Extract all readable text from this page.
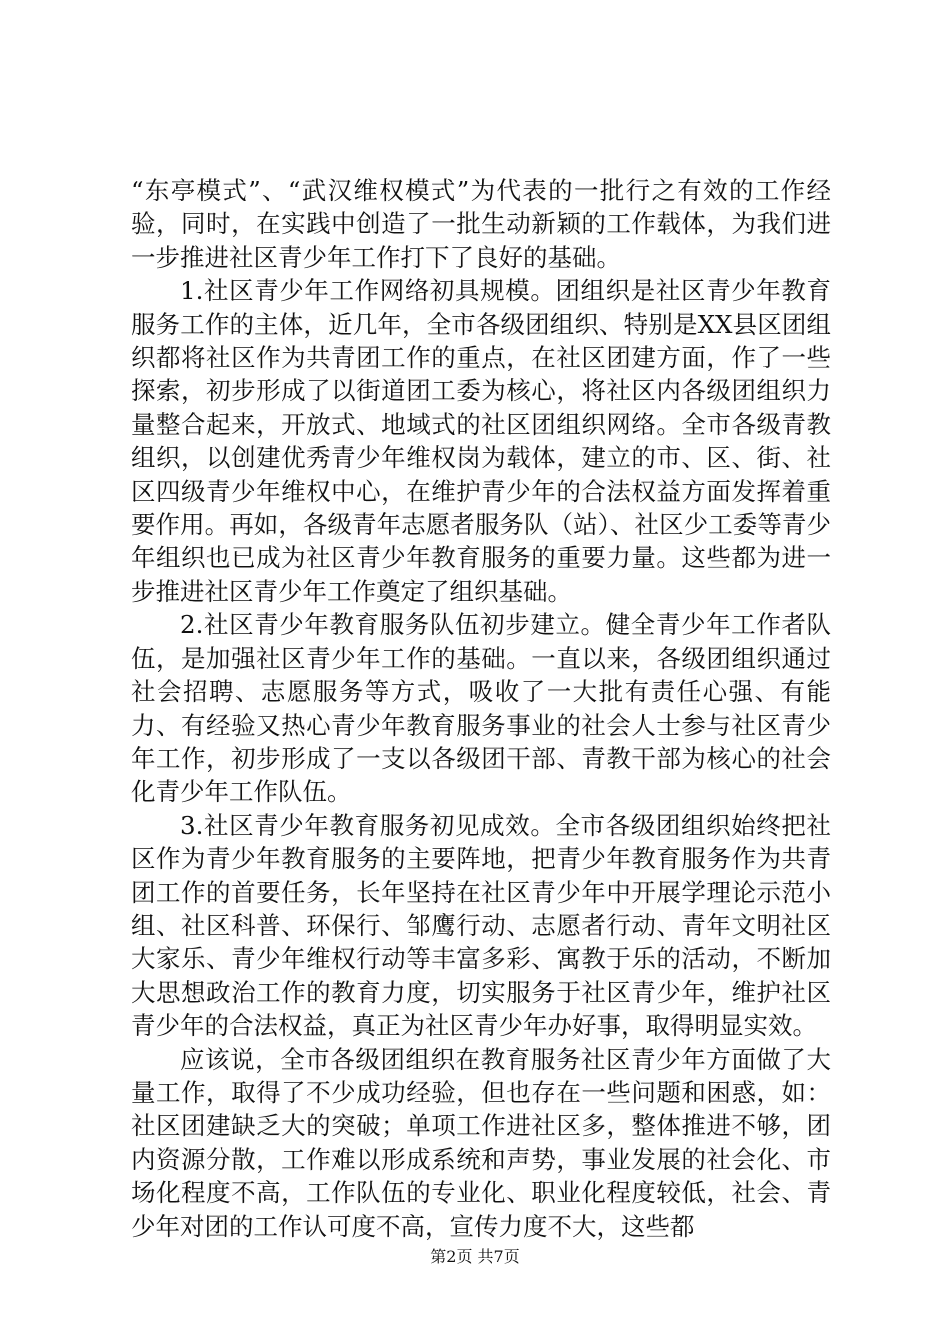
“东亭模式”、“武汉维权模式”为代表的一批行之有效的工作经验，同时，在实践中创造了一批生动新颖的工作载体，为我们进一步推进社区青少年工作打下了良好的基础。

1.社区青少年工作网络初具规模。团组织是社区青少年教育服务工作的主体，近几年，全市各级团组织、特别是XX县区团组织都将社区作为共青团工作的重点，在社区团建方面，作了一些探索，初步形成了以街道团工委为核心，将社区内各级团组织力量整合起来，开放式、地域式的社区团组织网络。全市各级青教组织，以创建优秀青少年维权岗为载体，建立的市、区、街、社区四级青少年维权中心，在维护青少年的合法权益方面发挥着重要作用。再如，各级青年志愿者服务队（站）、社区少工委等青少年组织也已成为社区青少年教育服务的重要力量。这些都为进一步推进社区青少年工作奠定了组织基础。

2.社区青少年教育服务队伍初步建立。健全青少年工作者队伍，是加强社区青少年工作的基础。一直以来，各级团组织通过社会招聘、志愿服务等方式，吸收了一大批有责任心强、有能力、有经验又热心青少年教育服务事业的社会人士参与社区青少年工作，初步形成了一支以各级团干部、青教干部为核心的社会化青少年工作队伍。

3.社区青少年教育服务初见成效。全市各级团组织始终把社区作为青少年教育服务的主要阵地，把青少年教育服务作为共青团工作的首要任务，长年坚持在社区青少年中开展学理论示范小组、社区科普、环保行、邹鹰行动、志愿者行动、青年文明社区大家乐、青少年维权行动等丰富多彩、寓教于乐的活动，不断加大思想政治工作的教育力度，切实服务于社区青少年，维护社区青少年的合法权益，真正为社区青少年办好事，取得明显实效。

应该说，全市各级团组织在教育服务社区青少年方面做了大量工作，取得了不少成功经验，但也存在一些问题和困惑，如：社区团建缺乏大的突破；单项工作进社区多，整体推进不够，团内资源分散，工作难以形成系统和声势，事业发展的社会化、市场化程度不高，工作队伍的专业化、职业化程度较低，社会、青少年对团的工作认可度不高，宣传力度不大，这些都

第2页 共7页
